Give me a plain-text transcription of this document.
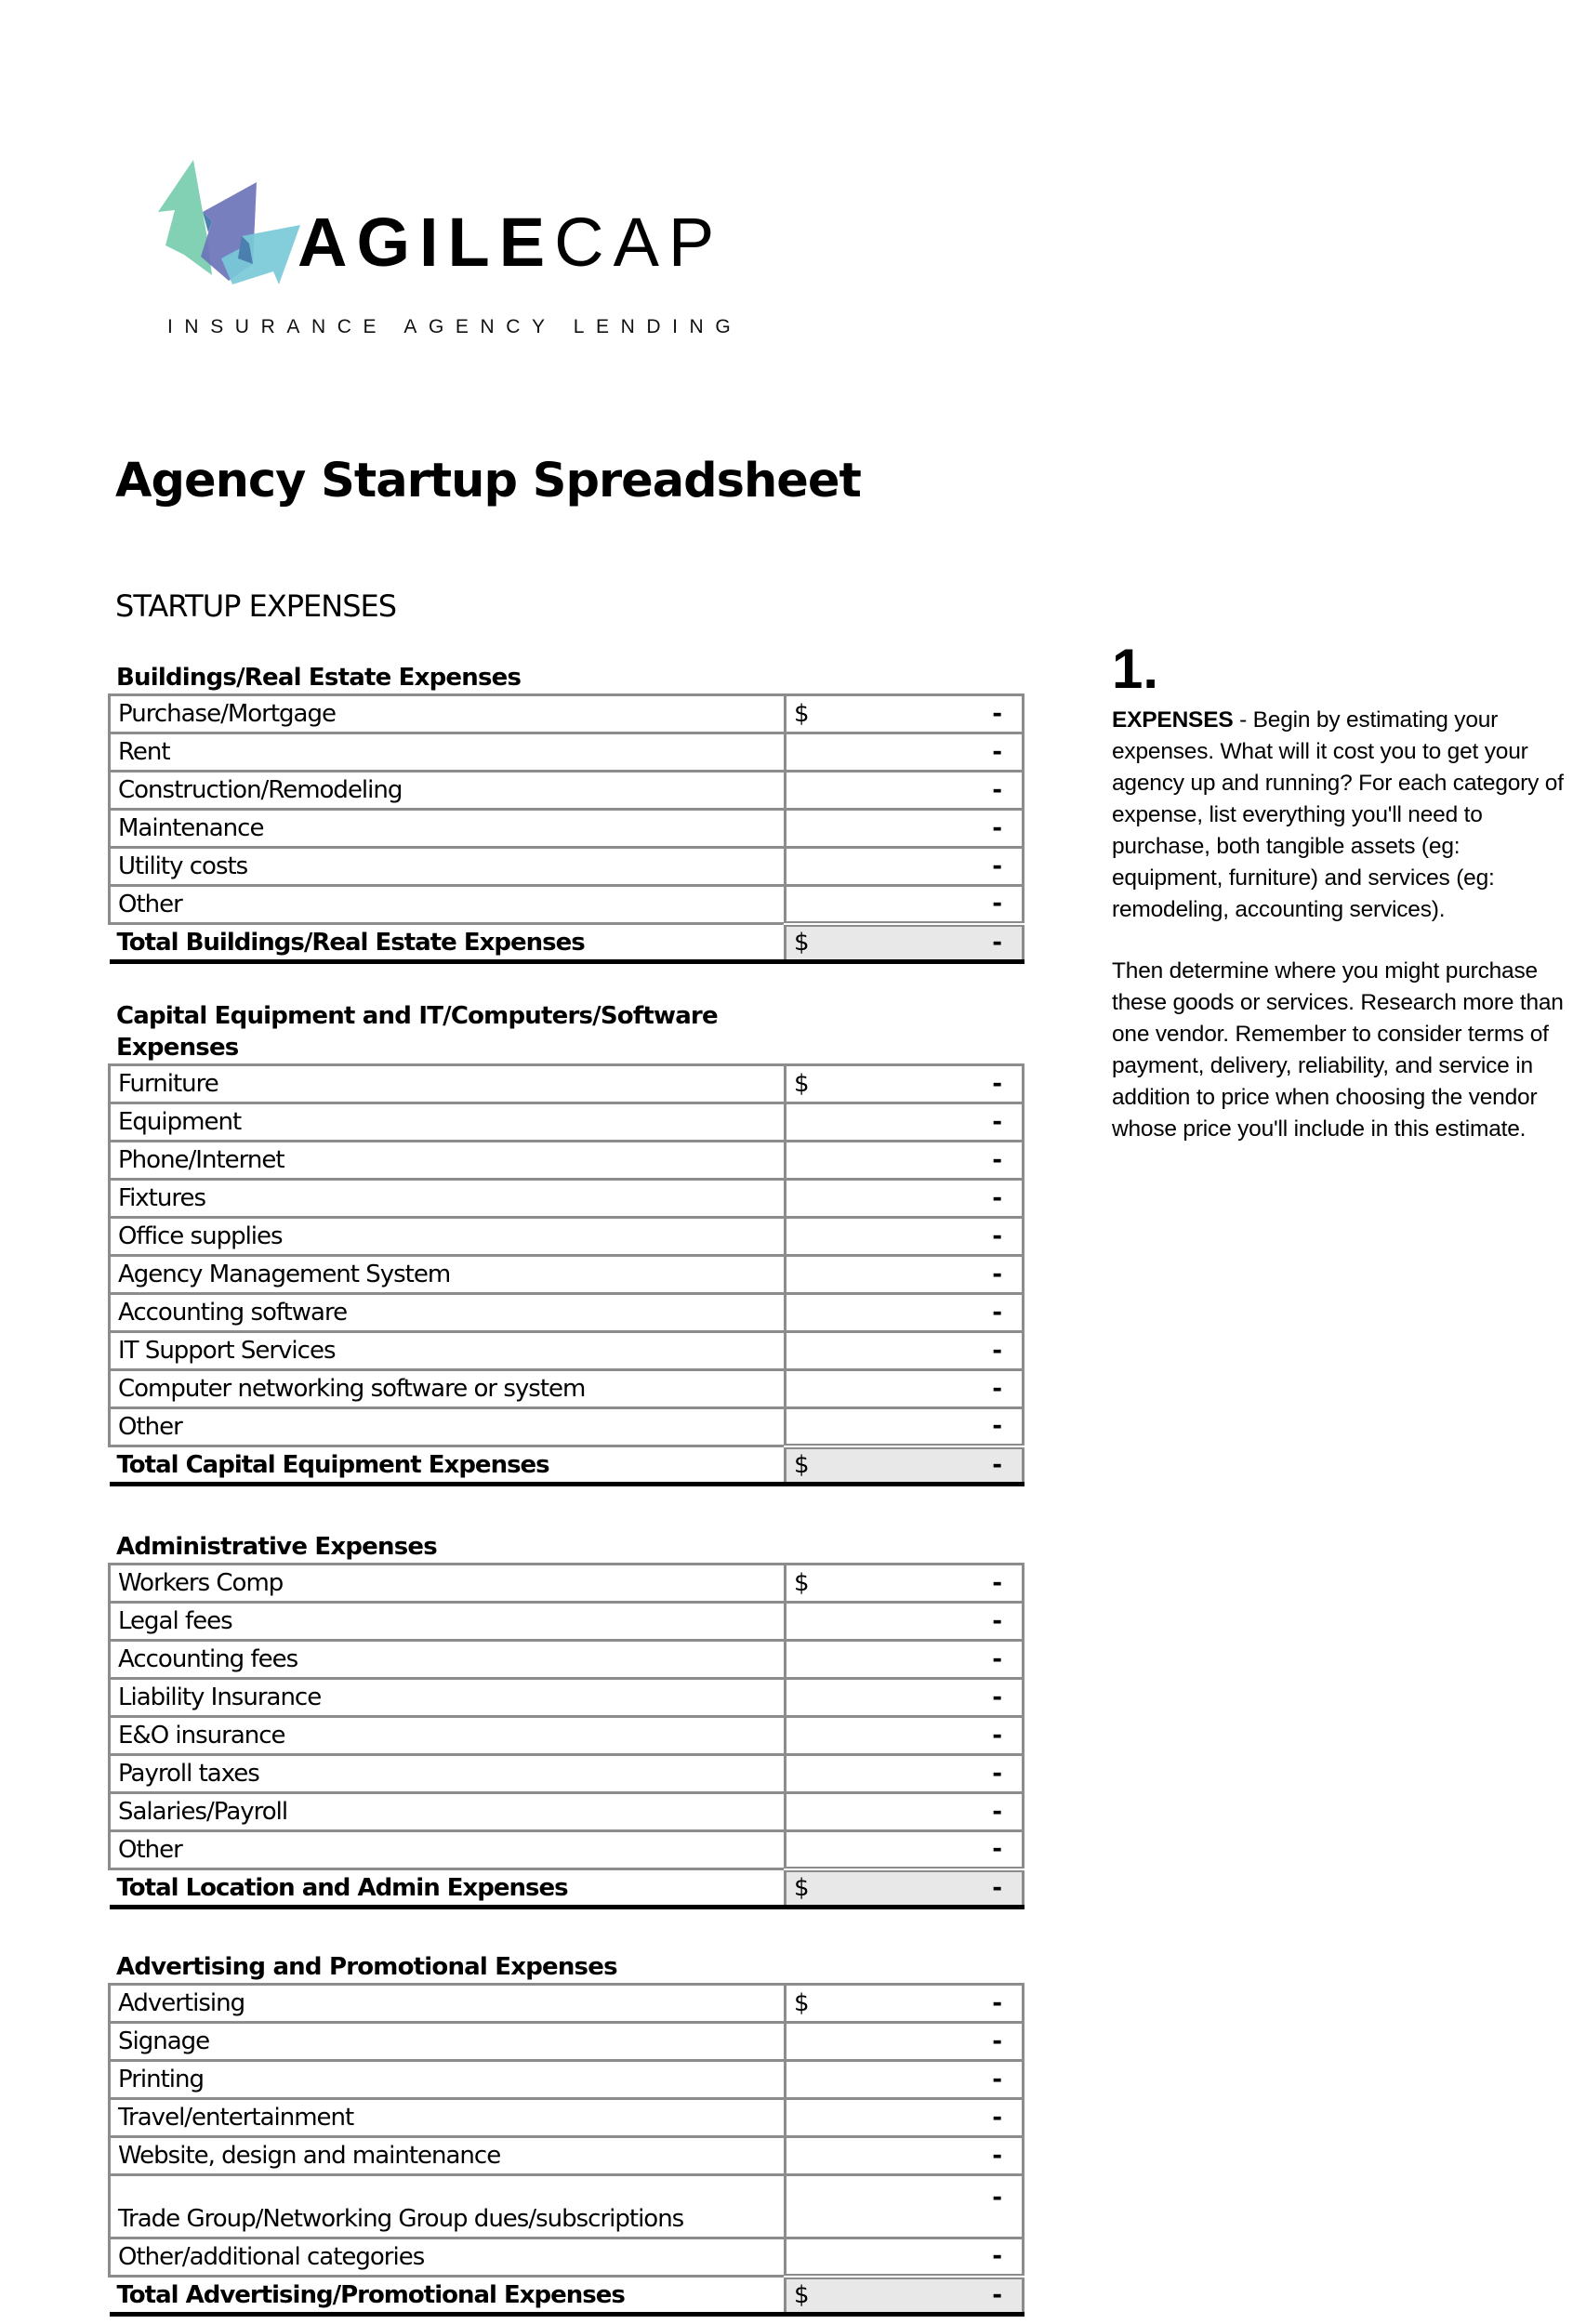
AGILECAP
INSURANCE AGENCY LENDING
Agency Startup Spreadsheet
STARTUP EXPENSES
Buildings/Real Estate Expenses
Purchase/Mortgage	$ -

Rent	-

Construction/Remodeling	-

Maintenance	-

Utility costs	-

Other	-

Total Buildings/Real Estate Expenses	$ -
Capital Equipment and IT/Computers/Software Expenses
Furniture	$ -

Equipment	-

Phone/Internet	-

Fixtures	-

Office supplies	-

Agency Management System	-

Accounting software	-

IT Support Services	-

Computer networking software or system	-

Other	-

Total Capital Equipment Expenses	$ -
Administrative Expenses
Workers Comp	$ -

Legal fees	-

Accounting fees	-

Liability Insurance	-

E&O insurance	-

Payroll taxes	-

Salaries/Payroll	-

Other	-

Total Location and Admin Expenses	$ -
Advertising and Promotional Expenses
Advertising	$ -

Signage	-

Printing	-

Travel/entertainment	-

Website, design and maintenance	-

Trade Group/Networking Group dues/subscriptions	-

Other/additional categories	-

Total Advertising/Promotional Expenses	$ -
1.

EXPENSES - Begin by estimating your expenses. What will it cost you to get your agency up and running? For each category of expense, list everything you'll need to purchase, both tangible assets (eg: equipment, furniture) and services (eg: remodeling, accounting services).

Then determine where you might purchase these goods or services. Research more than one vendor. Remember to consider terms of payment, delivery, reliability, and service in addition to price when choosing the vendor whose price you'll include in this estimate.
